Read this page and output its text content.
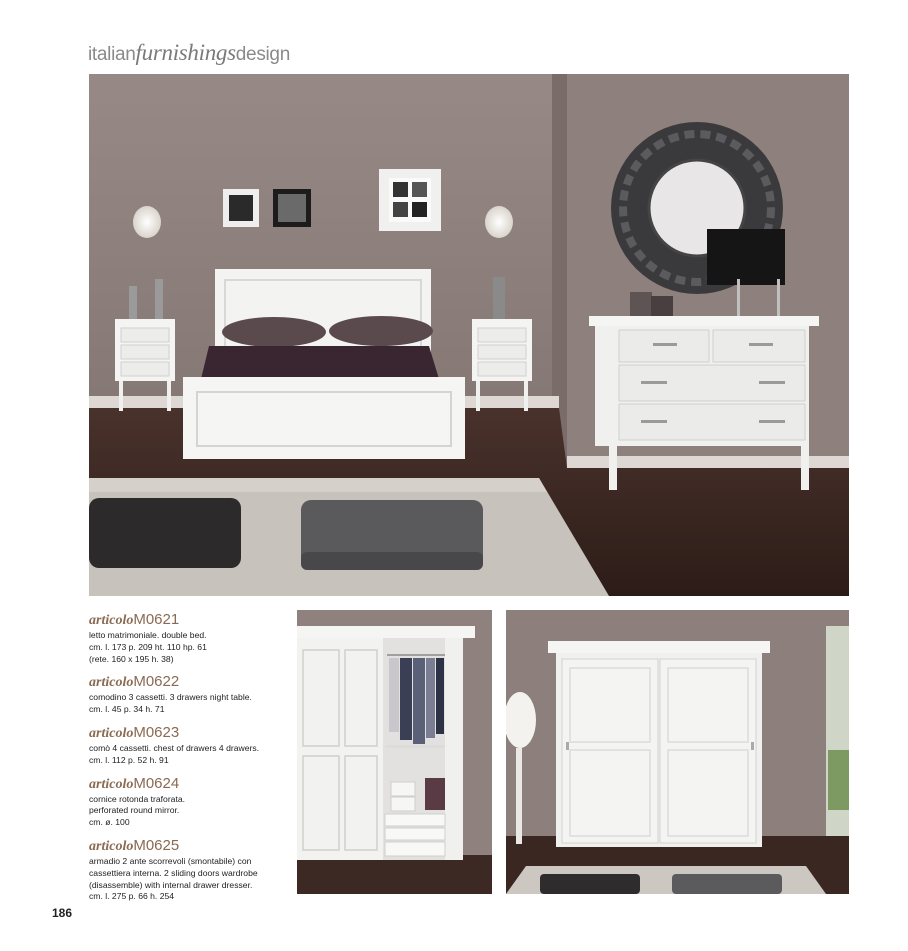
italianfurnishingsdesign
articoloM0621
letto matrimoniale. double bed.
cm. l. 173 p. 209 ht. 110 hp. 61
(rete. 160 x 195 h. 38)
articoloM0622
comodino 3 cassetti. 3 drawers night table.
cm. l. 45 p. 34 h. 71
articoloM0623
comò 4 cassetti. chest of drawers 4 drawers.
cm. l. 112 p. 52 h. 91
articoloM0624
cornice rotonda traforata.
perforated round mirror.
cm. ø. 100
articoloM0625
armadio 2 ante scorrevoli (smontabile) con
cassettiera interna. 2 sliding doors wardrobe
(disassemble) with internal drawer dresser.
cm. l. 275 p. 66 h. 254
186
